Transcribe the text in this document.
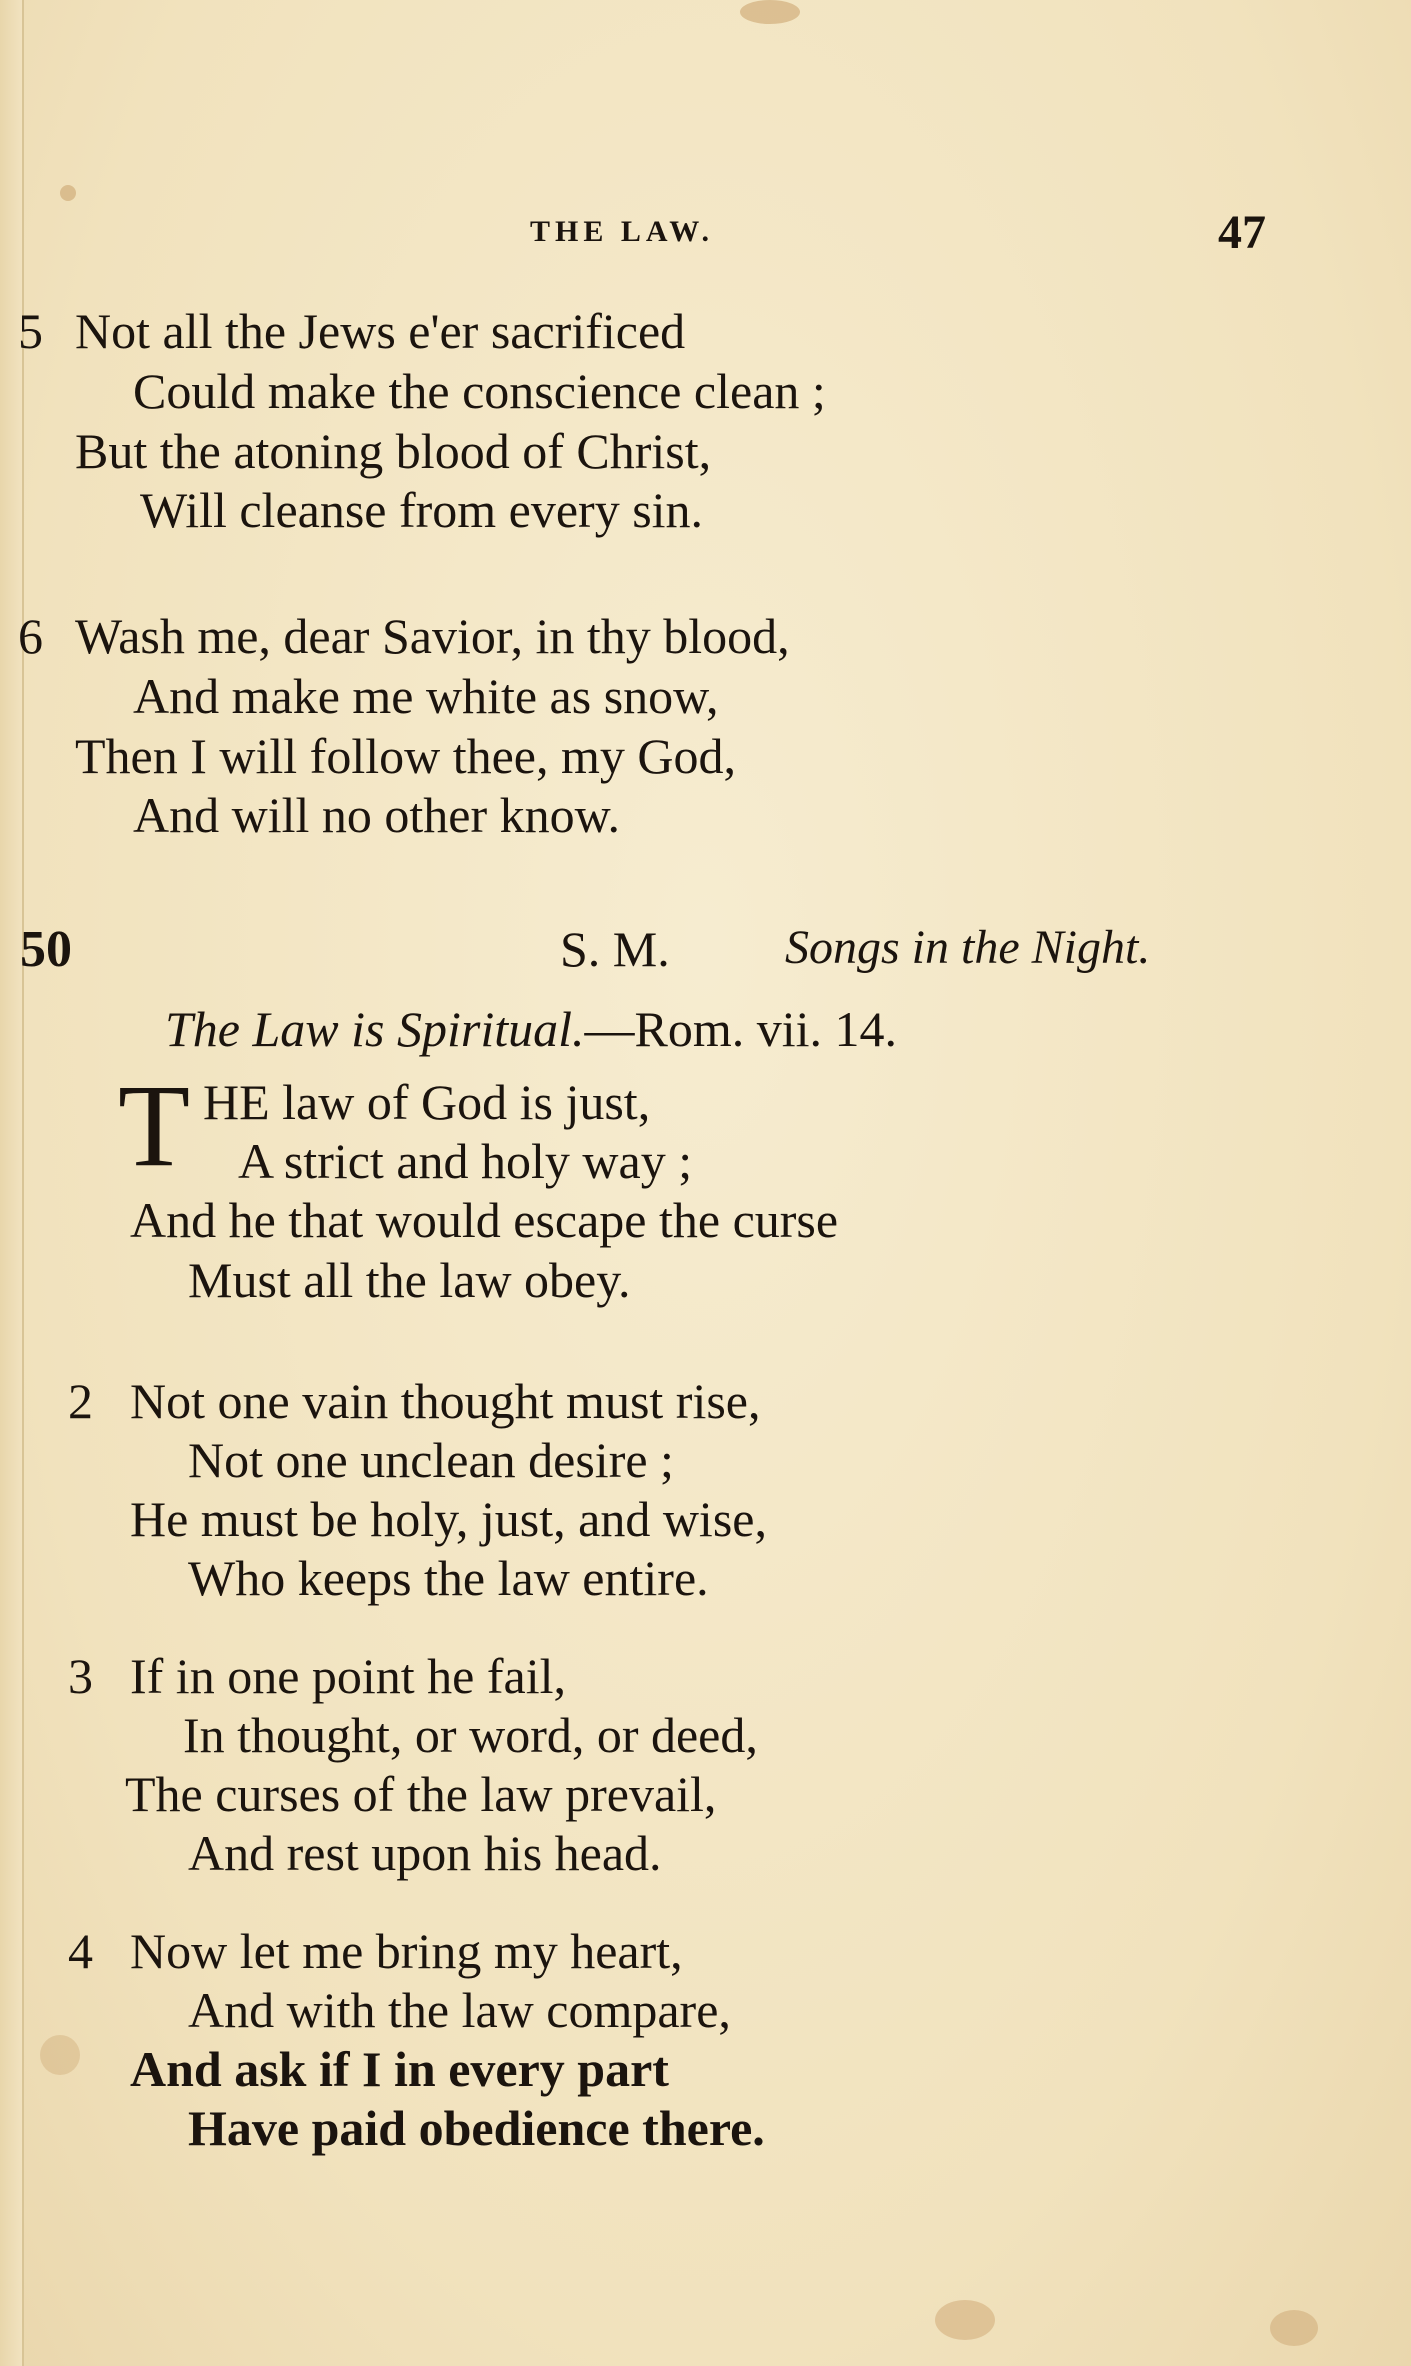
THE LAW.	47
5 Not all the Jews e'er sacrificed
Could make the conscience clean ;
But the atoning blood of Christ,
Will cleanse from every sin.
6 Wash me, dear Savior, in thy blood,
And make me white as snow,
Then I will follow thee, my God,
And will no other know.
50	S. M. Songs in the Night.
The Law is Spiritual.—Rom. vii. 14.
T HE law of God is just,
A strict and holy way ;
And he that would escape the curse
Must all the law obey.
2 Not one vain thought must rise,
Not one unclean desire ;
He must be holy, just, and wise,
Who keeps the law entire.
3 If in one point he fail,
In thought, or word, or deed,
The curses of the law prevail,
And rest upon his head.
4 Now let me bring my heart,
And with the law compare,
And ask if I in every part
Have paid obedience there.
